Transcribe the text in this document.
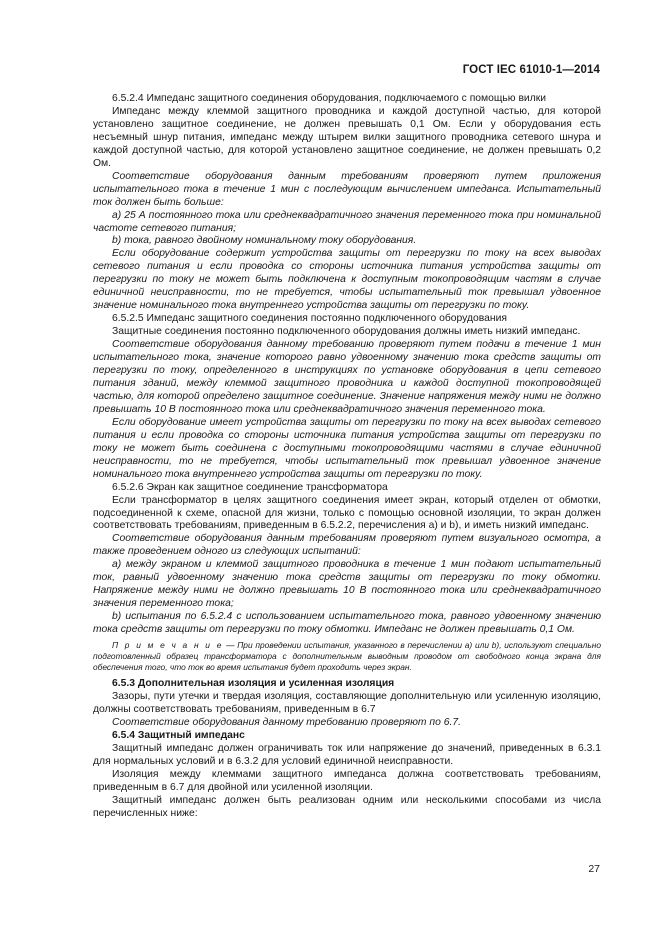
ГОСТ IEC 61010-1—2014

6.5.2.4 Импеданс защитного соединения оборудования, подключаемого с помощью вилки

Импеданс между клеммой защитного проводника и каждой доступной частью, для которой установлено защитное соединение, не должен превышать 0,1 Ом. Если у оборудования есть несъемный шнур питания, импеданс между штырем вилки защитного проводника сетевого шнура и каждой доступной частью, для которой установлено защитное соединение, не должен превышать 0,2 Ом.

Соответствие оборудования данным требованиям проверяют путем приложения испытательного тока в течение 1 мин с последующим вычислением импеданса. Испытательный ток должен быть больше:

a) 25 А постоянного тока или среднеквадратичного значения переменного тока при номинальной частоте сетевого питания;

b) тока, равного двойному номинальному току оборудования.

Если оборудование содержит устройства защиты от перегрузки по току на всех выводах сетевого питания и если проводка со стороны источника питания устройства защиты от перегрузки по току не может быть подключена к доступным токопроводящим частям в случае единичной неисправности, то не требуется, чтобы испытательный ток превышал удвоенное значение номинального тока внутреннего устройства защиты от перегрузки по току.

6.5.2.5 Импеданс защитного соединения постоянно подключенного оборудования

Защитные соединения постоянно подключенного оборудования должны иметь низкий импеданс.

Соответствие оборудования данному требованию проверяют путем подачи в течение 1 мин испытательного тока, значение которого равно удвоенному значению тока средств защиты от перегрузки по току, определенного в инструкциях по установке оборудования в цепи сетевого питания зданий, между клеммой защитного проводника и каждой доступной токопроводящей частью, для которой определено защитное соединение. Значение напряжения между ними не должно превышать 10 В постоянного тока или среднеквадратичного значения переменного тока.

Если оборудование имеет устройства защиты от перегрузки по току на всех выводах сетевого питания и если проводка со стороны источника питания устройства защиты от перегрузки по току не может быть соединена с доступными токопроводящими частями в случае единичной неисправности, то не требуется, чтобы испытательный ток превышал удвоенное значение номинального тока внутреннего устройства защиты от перегрузки по току.

6.5.2.6 Экран как защитное соединение трансформатора

Если трансформатор в целях защитного соединения имеет экран, который отделен от обмотки, подсоединенной к схеме, опасной для жизни, только с помощью основной изоляции, то экран должен соответствовать требованиям, приведенным в 6.5.2.2, перечисления a) и b), и иметь низкий импеданс.

Соответствие оборудования данным требованиям проверяют путем визуального осмотра, а также проведением одного из следующих испытаний:

a) между экраном и клеммой защитного проводника в течение 1 мин подают испытательный ток, равный удвоенному значению тока средств защиты от перегрузки по току обмотки. Напряжение между ними не должно превышать 10 В постоянного тока или среднеквадратичного значения переменного тока;

b) испытания по 6.5.2.4 с использованием испытательного тока, равного удвоенному значению тока средств защиты от перегрузки по току обмотки. Импеданс не должен превышать 0,1 Ом.

П р и м е ч а н и е — При проведении испытания, указанного в перечислении a) или b), используют специально подготовленный образец трансформатора с дополнительным выводным проводом от свободного конца экрана для обеспечения того, что ток во время испытания будет проходить через экран.

6.5.3 Дополнительная изоляция и усиленная изоляция

Зазоры, пути утечки и твердая изоляция, составляющие дополнительную или усиленную изоляцию, должны соответствовать требованиям, приведенным в 6.7

Соответствие оборудования данному требованию проверяют по 6.7.

6.5.4 Защитный импеданс

Защитный импеданс должен ограничивать ток или напряжение до значений, приведенных в 6.3.1 для нормальных условий и в 6.3.2 для условий единичной неисправности.

Изоляция между клеммами защитного импеданса должна соответствовать требованиям, приведенным в 6.7 для двойной или усиленной изоляции.

Защитный импеданс должен быть реализован одним или несколькими способами из числа перечисленных ниже:

27
